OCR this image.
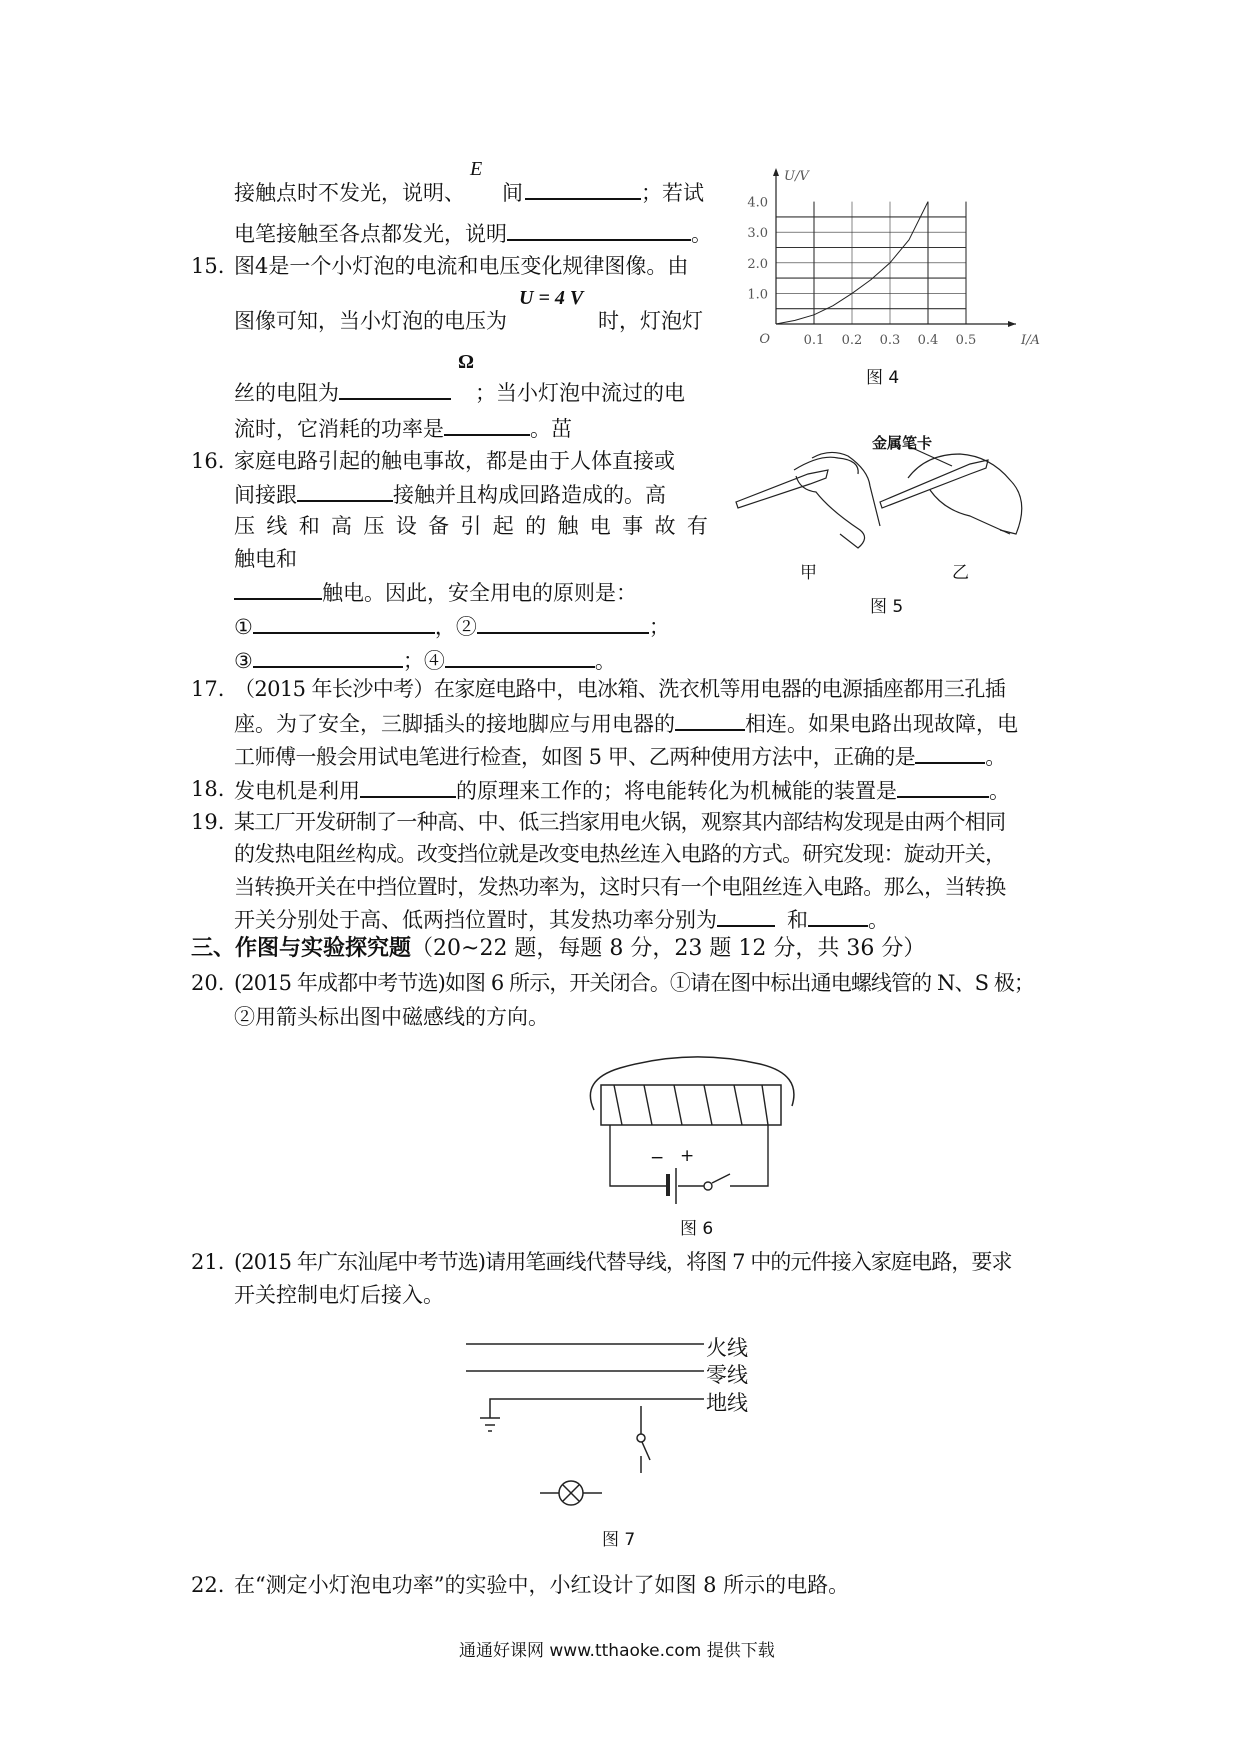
E
接触点时不发光，说明、 间	；若试
电笔接触至各点都发光，说明	。
15. 图4是一个小灯泡的电流和电压变化规律图像。由
U = 4 V
图像可知，当小灯泡的电压为	时，灯泡灯
Ω
丝的电阻为	；当小灯泡中流过的电
流时，它消耗的功率是	。茁
16. 家庭电路引起的触电事故，都是由于人体直接或
间接跟	接触并且构成回路造成的。高
压 线 和 高 压 设 备 引 起 的 触 电 事 故 有
触电和
触电。因此，安全用电的原则是：
①	，②	；
③	；④	。
0.1 0.2 0.3 0.4 0.5
1.0
2.0
3.0
4.0
O	I/A
U/V
图 4
金属笔卡
甲	乙
图 5
17. （2015 年长沙中考）在家庭电路中，电冰箱、洗衣机等用电器的电源插座都用三孔插
座。为了安全，三脚插头的接地脚应与用电器的	相连。如果电路出现故障，电
工师傅一般会用试电笔进行检查，如图 5 甲、乙两种使用方法中，正确的是	。
18. 发电机是利用	的原理来工作的；将电能转化为机械能的装置是	。
19. 某工厂开发研制了一种高、中、低三挡家用电火锅，观察其内部结构发现是由两个相同
的发热电阻丝构成。改变挡位就是改变电热丝连入电路的方式。研究发现：旋动开关，
当转换开关在中挡位置时，发热功率为，这时只有一个电阻丝连入电路。那么，当转换
开关分别处于高、低两挡位置时，其发热功率分别为	和	。
三、作图与实验探究题（20~22 题，每题 8 分，23 题 12 分，共 36 分）
20. (2015 年成都中考节选)如图 6 所示，开关闭合。①请在图中标出通电螺线管的 N、S 极；
②用箭头标出图中磁感线的方向。
− +
图 6
21. (2015 年广东汕尾中考节选)请用笔画线代替导线，将图 7 中的元件接入家庭电路，要求
开关控制电灯后接入。
火线
零线
地线
图 7
22. 在“测定小灯泡电功率”的实验中，小红设计了如图 8 所示的电路。
通通好课网 www.tthaoke.com 提供下载
